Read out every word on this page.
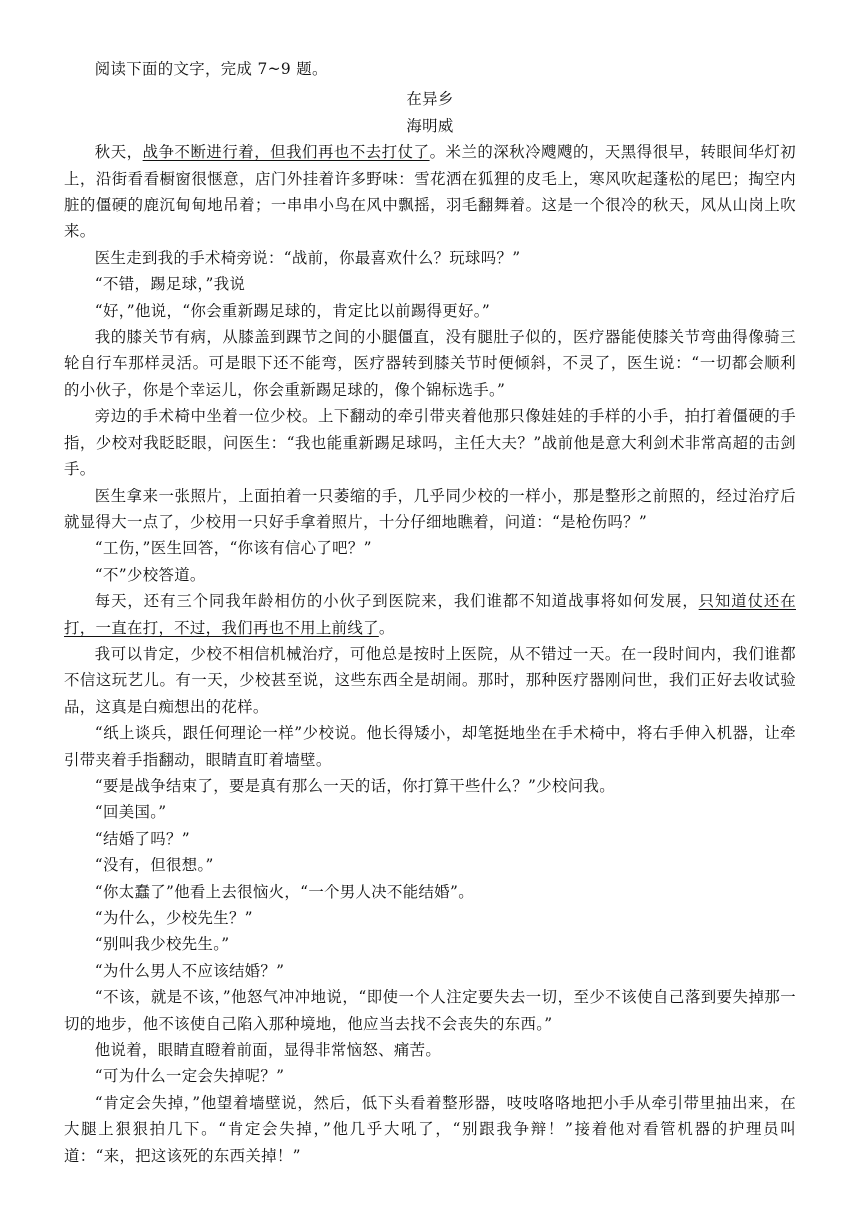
阅读下面的文字，完成 7~9 题。

在异乡

海明威

秋天，战争不断进行着，但我们再也不去打仗了。米兰的深秋冷飕飕的，天黑得很早，转眼间华灯初上，沿街看看橱窗很惬意，店门外挂着许多野味：雪花洒在狐狸的皮毛上，寒风吹起蓬松的尾巴；掏空内脏的僵硬的鹿沉甸甸地吊着；一串串小鸟在风中飘摇，羽毛翻舞着。这是一个很冷的秋天，风从山岗上吹来。

医生走到我的手术椅旁说：“战前，你最喜欢什么？玩球吗？”

“不错，踢足球，”我说

“好，”他说，“你会重新踢足球的，肯定比以前踢得更好。”

我的膝关节有病，从膝盖到踝节之间的小腿僵直，没有腿肚子似的，医疗器能使膝关节弯曲得像骑三轮自行车那样灵活。可是眼下还不能弯，医疗器转到膝关节时便倾斜，不灵了，医生说：“一切都会顺利的小伙子，你是个幸运儿，你会重新踢足球的，像个锦标选手。”

旁边的手术椅中坐着一位少校。上下翻动的牵引带夹着他那只像娃娃的手样的小手，拍打着僵硬的手指，少校对我眨眨眼，问医生：“我也能重新踢足球吗，主任大夫？”战前他是意大利剑术非常高超的击剑手。

医生拿来一张照片，上面拍着一只萎缩的手，几乎同少校的一样小，那是整形之前照的，经过治疗后就显得大一点了，少校用一只好手拿着照片，十分仔细地瞧着，问道：“是枪伤吗？”

“工伤，”医生回答，“你该有信心了吧？”

“不”少校答道。

每天，还有三个同我年龄相仿的小伙子到医院来，我们谁都不知道战事将如何发展，只知道仗还在打，一直在打，不过，我们再也不用上前线了。

我可以肯定，少校不相信机械治疗，可他总是按时上医院，从不错过一天。在一段时间内，我们谁都不信这玩艺儿。有一天，少校甚至说，这些东西全是胡闹。那时，那种医疗器刚问世，我们正好去收试验品，这真是白痴想出的花样。

“纸上谈兵，跟任何理论一样”少校说。他长得矮小，却笔挺地坐在手术椅中，将右手伸入机器，让牵引带夹着手指翻动，眼睛直盯着墙壁。

“要是战争结束了，要是真有那么一天的话，你打算干些什么？”少校问我。

“回美国。”

“结婚了吗？”

“没有，但很想。”

“你太蠢了”他看上去很恼火，“一个男人决不能结婚”。

“为什么，少校先生？”

“别叫我少校先生。”

“为什么男人不应该结婚？”

“不该，就是不该，”他怒气冲冲地说，“即使一个人注定要失去一切，至少不该使自己落到要失掉那一切的地步，他不该使自己陷入那种境地，他应当去找不会丧失的东西。”

他说着，眼睛直瞪着前面，显得非常恼怒、痛苦。

“可为什么一定会失掉呢？”

“肯定会失掉，”他望着墙壁说，然后，低下头看着整形器，吱吱咯咯地把小手从牵引带里抽出来，在大腿上狠狠拍几下。“肯定会失掉，”他几乎大吼了，“别跟我争辩！”接着他对看管机器的护理员叫道：“来，把这该死的东西关掉！”
